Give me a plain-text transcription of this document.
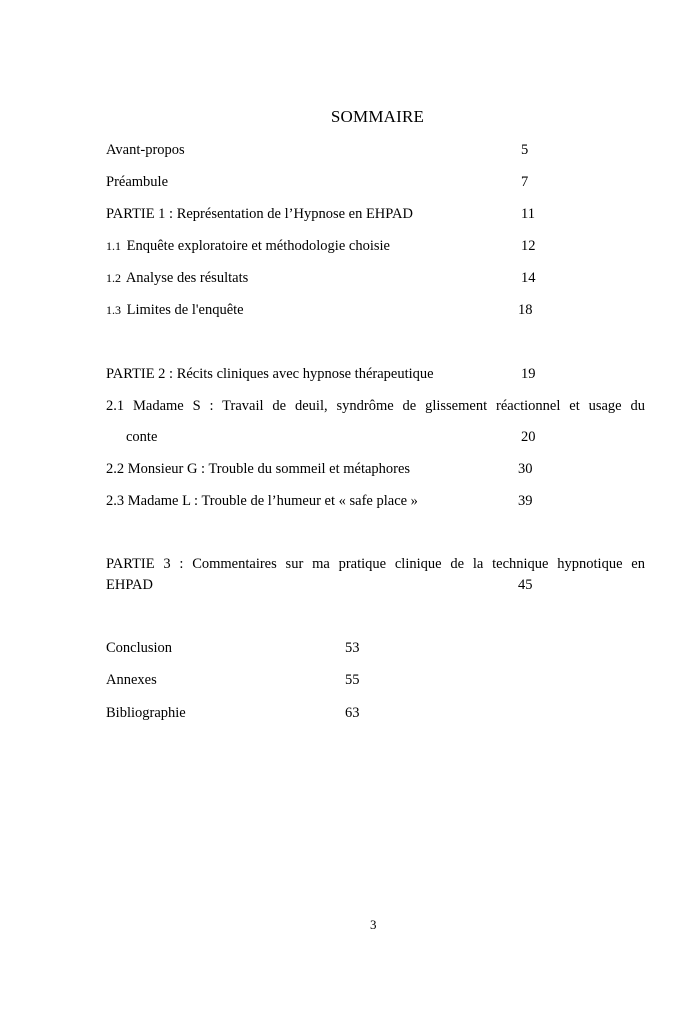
SOMMAIRE
Avant-propos	5
Préambule	7
PARTIE 1 : Représentation de l’Hypnose en EHPAD	11
1.1 Enquête exploratoire et méthodologie choisie	12
1.2 Analyse des résultats	14
1.3 Limites de l'enquête	18
PARTIE 2 : Récits cliniques avec hypnose thérapeutique	19
2.1 Madame S : Travail de deuil, syndrôme de glissement réactionnel et usage du
conte	20
2.2 Monsieur G : Trouble du sommeil et métaphores	30
2.3 Madame L : Trouble de l’humeur et « safe place »	39
PARTIE 3 : Commentaires sur ma pratique clinique de la technique hypnotique en
EHPAD	45
Conclusion	53
Annexes	55
Bibliographie	63
3
